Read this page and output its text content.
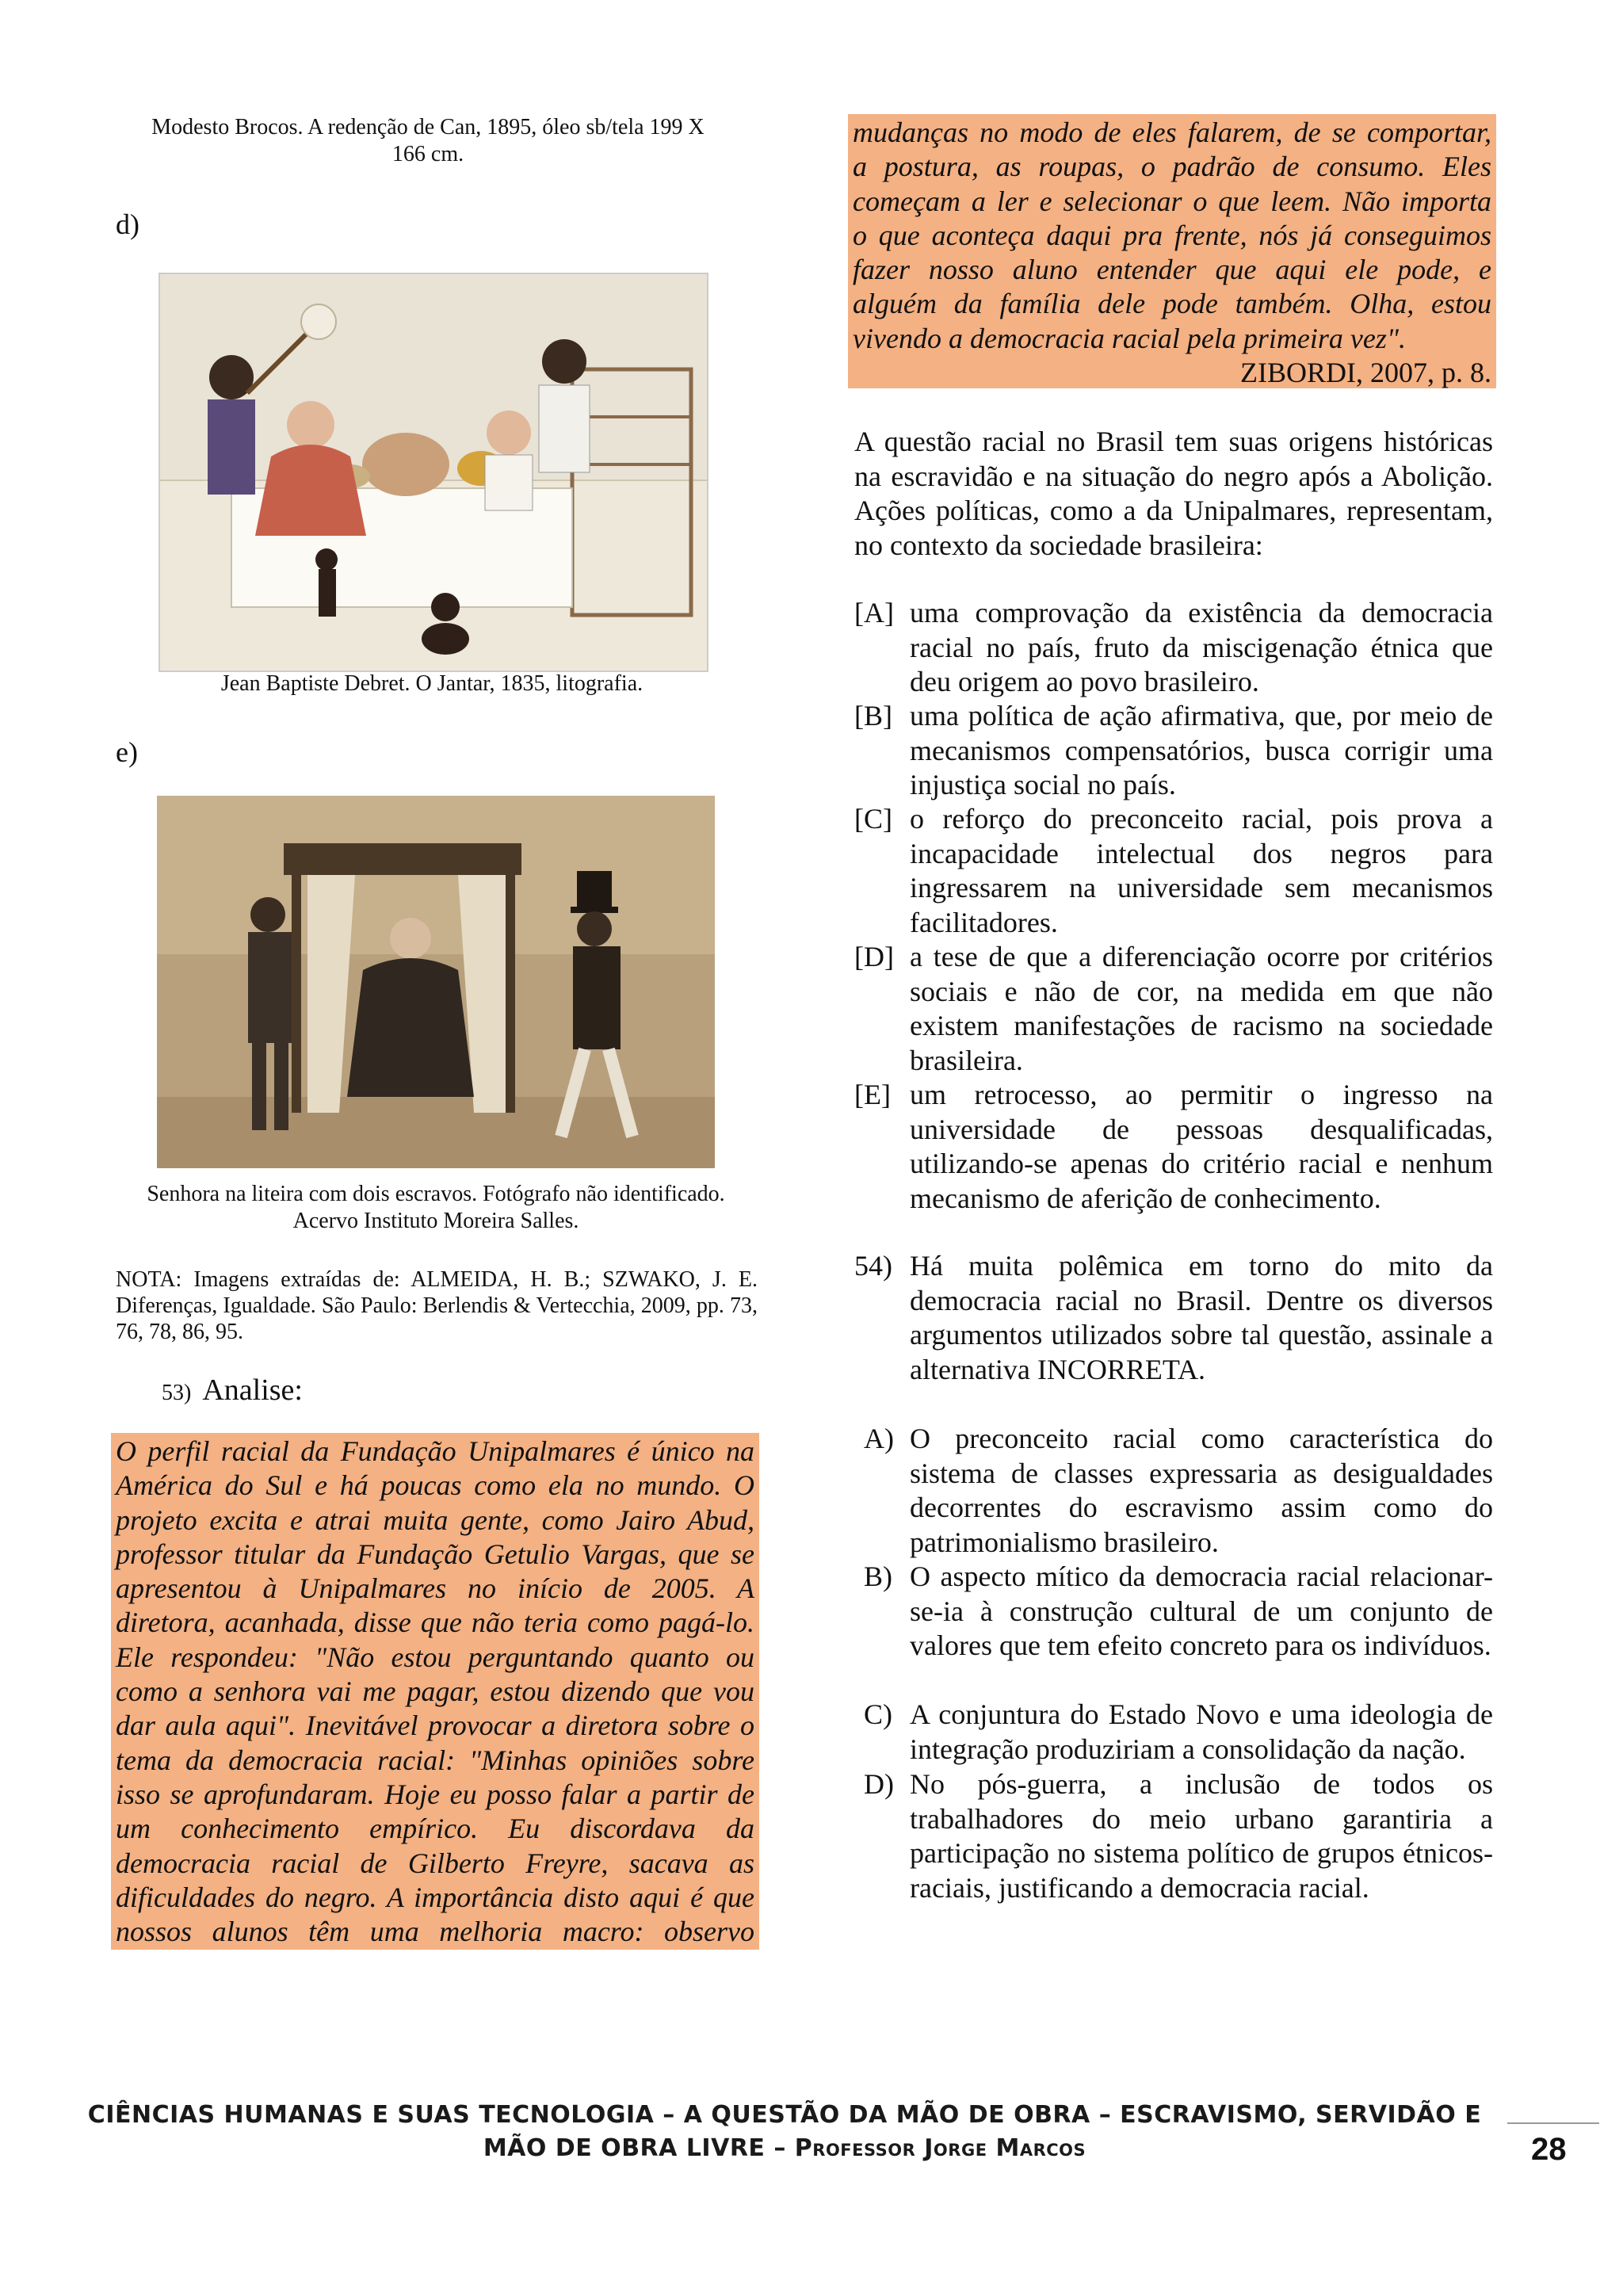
Modesto Brocos. A redenção de Can, 1895, óleo sb/tela 199 X
166 cm.
d)
Jean Baptiste Debret. O Jantar, 1835, litografia.
e)
Senhora na liteira com dois escravos. Fotógrafo não identificado.
Acervo Instituto Moreira Salles.
NOTA: Imagens extraídas de: ALMEIDA, H. B.; SZWAKO, J. E. Diferenças, Igualdade. São Paulo: Berlendis & Vertecchia, 2009, pp. 73, 76, 78, 86, 95.
53) Analise:

O perfil racial da Fundação Unipalmares é único na

América do Sul e há poucas como ela no mundo. O

projeto excita e atrai muita gente, como Jairo Abud,

professor titular da Fundação Getulio Vargas, que se

apresentou à Unipalmares no início de 2005. A

diretora, acanhada, disse que não teria como pagá-lo.

Ele respondeu: "Não estou perguntando quanto ou

como a senhora vai me pagar, estou dizendo que vou

dar aula aqui". Inevitável provocar a diretora sobre o

tema da democracia racial: "Minhas opiniões sobre

isso se aprofundaram. Hoje eu posso falar a partir de

um conhecimento empírico. Eu discordava da

democracia racial de Gilberto Freyre, sacava as

dificuldades do negro. A importância disto aqui é que

nossos alunos têm uma melhoria macro: observo

mudanças no modo de eles falarem, de se comportar,

a postura, as roupas, o padrão de consumo. Eles

começam a ler e selecionar o que leem. Não importa

o que aconteça daqui pra frente, nós já conseguimos

fazer nosso aluno entender que aqui ele pode, e

alguém da família dele pode também. Olha, estou

vivendo a democracia racial pela primeira vez".

ZIBORDI, 2007, p. 8.

A questão racial no Brasil tem suas origens históricas na escravidão e na situação do negro após a Abolição. Ações políticas, como a da Unipalmares, representam, no contexto da sociedade brasileira:
[A] uma comprovação da existência da democracia racial no país, fruto da miscigenação étnica que deu origem ao povo brasileiro.
[B] uma política de ação afirmativa, que, por meio de mecanismos compensatórios, busca corrigir uma injustiça social no país.
[C] o reforço do preconceito racial, pois prova a incapacidade intelectual dos negros para ingressarem na universidade sem mecanismos facilitadores.
[D] a tese de que a diferenciação ocorre por critérios sociais e não de cor, na medida em que não existem manifestações de racismo na sociedade brasileira.
[E] um retrocesso, ao permitir o ingresso na universidade de pessoas desqualificadas, utilizando-se apenas do critério racial e nenhum mecanismo de aferição de conhecimento.
54) Há muita polêmica em torno do mito da democracia racial no Brasil. Dentre os diversos argumentos utilizados sobre tal questão, assinale a alternativa INCORRETA.
A) O preconceito racial como característica do sistema de classes expressaria as desigualdades decorrentes do escravismo assim como do patrimonialismo brasileiro.
B) O aspecto mítico da democracia racial relacionar-se-ia à construção cultural de um conjunto de valores que tem efeito concreto para os indivíduos.
C) A conjuntura do Estado Novo e uma ideologia de integração produziriam a consolidação da nação.
D) No pós-guerra, a inclusão de todos os trabalhadores do meio urbano garantiria a participação no sistema político de grupos étnicos-raciais, justificando a democracia racial.
CIÊNCIAS HUMANAS E SUAS TECNOLOGIA – A QUESTÃO DA MÃO DE OBRA – ESCRAVISMO, SERVIDÃO E
MÃO DE OBRA LIVRE – Professor Jorge Marcos	28
